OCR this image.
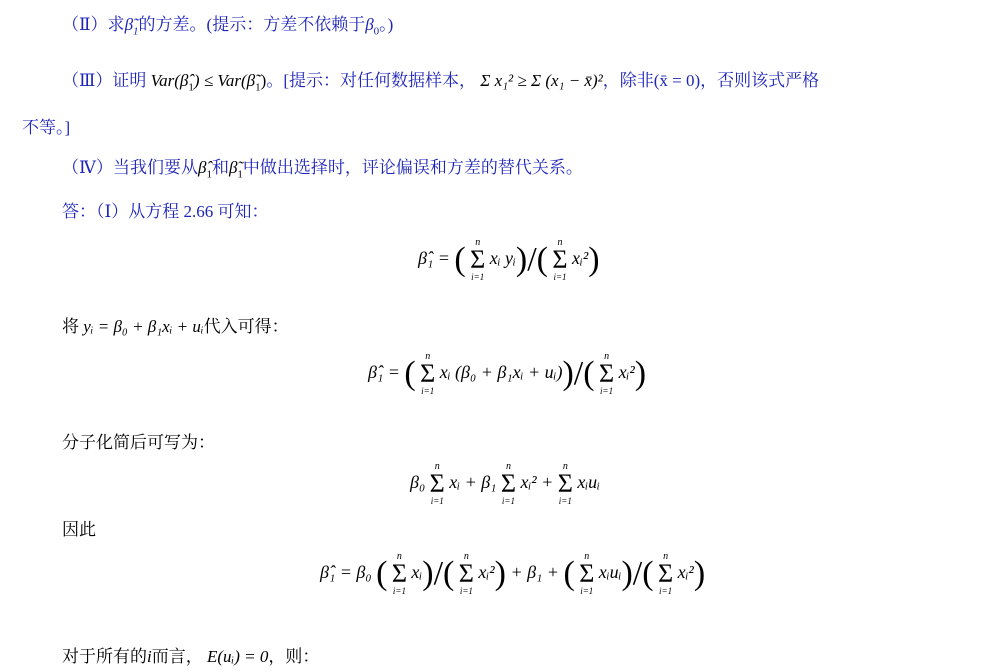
（Ⅱ）求$\betã_1$的方差。(提示：方差不依赖于$\beta_0$。)
（Ⅲ）证明 $Var(\betâ_1)$ ≤ $Var(\betã_1)$。[提示：对任何数据样本， Σ x₁² ≥ Σ (x₁ − x̄)²，除非(x̄ = 0)，否则该式严格
不等。]
（Ⅳ）当我们要从$\betâ_1$和$\betã_1$中做出选择时，评论偏误和方差的替代关系。
答：（Ⅰ）从方程 2.66 可知：
β̂₁ = ( n
Σ
i=1
xᵢ yᵢ)/( n
Σ
i=1
xᵢ²)
将 yᵢ = β₀ + β₁xᵢ + uᵢ代入可得：
β̂₁ = ( n
Σ
i=1
xᵢ (β₀ + β₁xᵢ + uᵢ))/( n
Σ
i=1
xᵢ²)
分子化简后可写为：
β₀
n
Σ
i=1
xᵢ + β₁
n
Σ
i=1
xᵢ² +
n
Σ
i=1
xᵢuᵢ
因此
β̂₁ = β₀ ( n
Σ
i=1
xᵢ)/( n
Σ
i=1
xᵢ²) + β₁ + ( n
Σ
i=1
xᵢuᵢ)/( n
Σ
i=1
xᵢ²)
对于所有的i而言， E(uᵢ) = 0，则：
